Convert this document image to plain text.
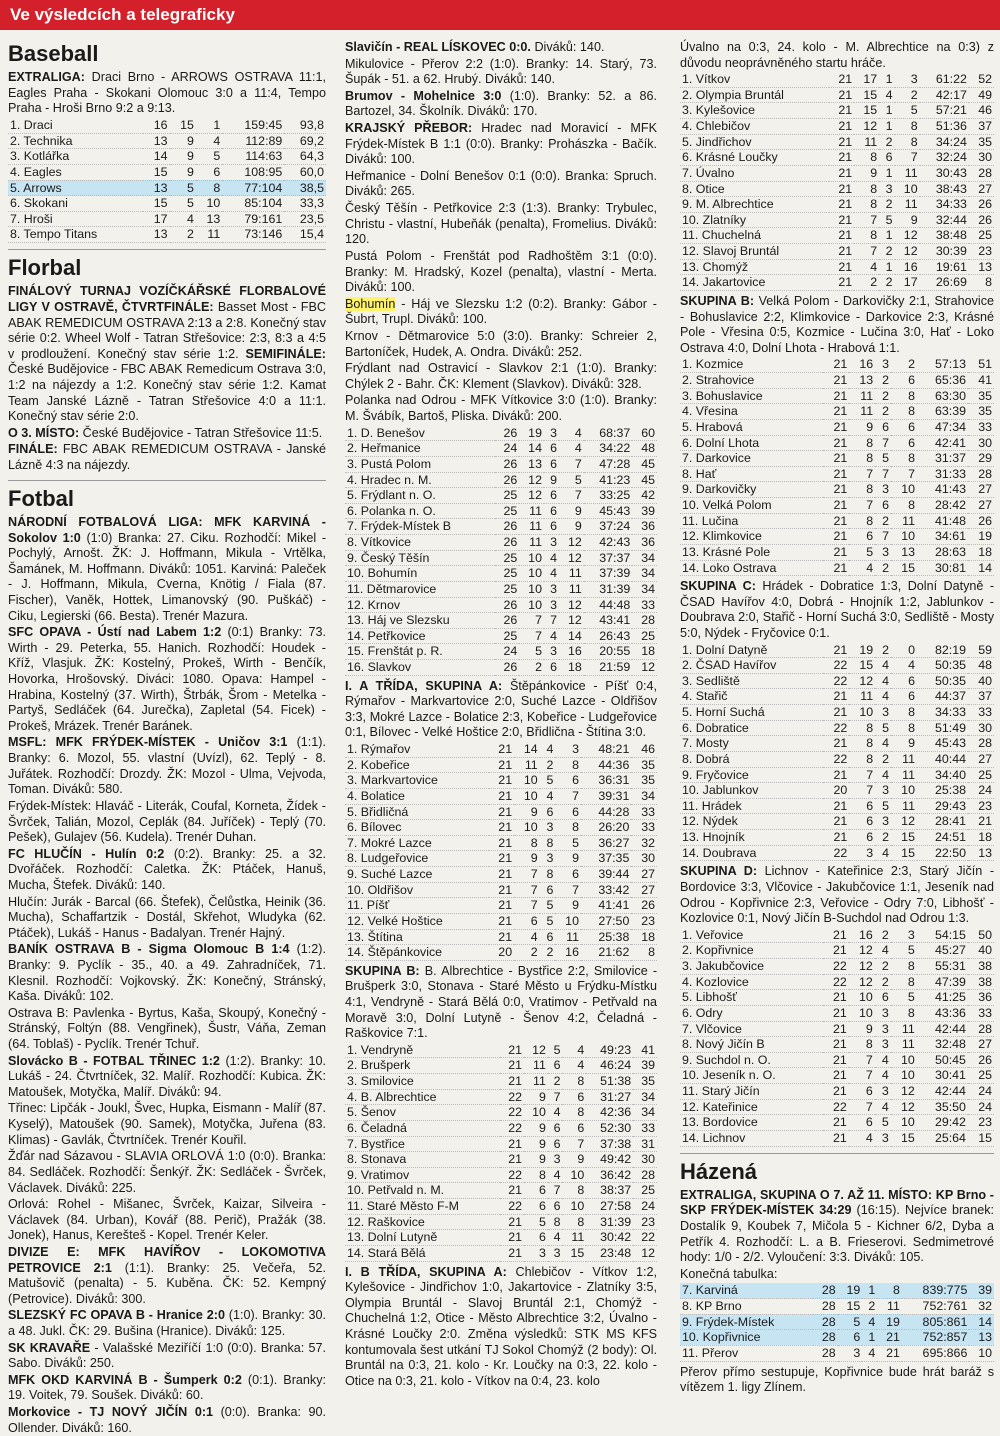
Ve výsledcích a telegraficky
Baseball

EXTRALIGA: Draci Brno - ARROWS OSTRAVA 11:1, Eagles Praha - Skokani Olomouc 3:0 a 11:4, Tempo Praha - Hroši Brno 9:2 a 9:13.

1. Draci	16	15	1	159:45	93,8
2. Technika	13	9	4	112:89	69,2
3. Kotlářka	14	9	5	114:63	64,3
4. Eagles	15	9	6	108:95	60,0
5. Arrows	13	5	8	77:104	38,5
6. Skokani	15	5	10	85:104	33,3
7. Hroši	17	4	13	79:161	23,5
8. Tempo Titans	13	2	11	73:146	15,4
Florbal

FINÁLOVÝ TURNAJ VOZÍČKÁŘSKÉ FLORBALOVÉ LIGY V OSTRAVĚ, ČTVRTFINÁLE: Basset Most - FBC ABAK REMEDICUM OSTRAVA 2:13 a 2:8. Konečný stav série 0:2. Wheel Wolf - Tatran Střešovice: 2:3, 8:3 a 4:5 v prodloužení. Konečný stav série 1:2. SEMIFINÁLE: České Budějovice - FBC ABAK Remedicum Ostrava 3:0, 1:2 na nájezdy a 1:2. Konečný stav série 1:2. Kamat Team Janské Lázně - Tatran Střešovice 4:0 a 11:1. Konečný stav série 2:0.

O 3. MÍSTO: České Budějovice - Tatran Střešovice 11:5.

FINÁLE: FBC ABAK REMEDICUM OSTRAVA - Janské Lázně 4:3 na nájezdy.

Fotbal

NÁRODNÍ FOTBALOVÁ LIGA: MFK KARVINÁ - Sokolov 1:0 (1:0) Branka: 27. Ciku. Rozhodčí: Mikel - Pochylý, Arnošt. ŽK: J. Hoffmann, Mikula - Vrtělka, Šamánek, M. Hoffmann. Diváků: 1051. Karviná: Paleček - J. Hoffmann, Mikula, Cverna, Knötig / Fiala (87. Fischer), Vaněk, Hottek, Limanovský (90. Puškáč) - Ciku, Legierski (66. Besta). Trenér Mazura.

SFC OPAVA - Ústí nad Labem 1:2 (0:1) Branky: 73. Wirth - 29. Peterka, 55. Hanich. Rozhodčí: Houdek - Kříž, Vlasjuk. ŽK: Kostelný, Prokeš, Wirth - Benčík, Hovorka, Hrošovský. Diváci: 1080. Opava: Hampel - Hrabina, Kostelný (37. Wirth), Štrbák, Šrom - Metelka - Partyš, Sedláček (64. Jurečka), Zapletal (54. Ficek) - Prokeš, Mrázek. Trenér Baránek.

MSFL: MFK FRÝDEK-MÍSTEK - Uničov 3:1 (1:1). Branky: 6. Mozol, 55. vlastní (Uvízl), 62. Teplý - 8. Juřátek. Rozhodčí: Drozdy. ŽK: Mozol - Ulma, Vejvoda, Toman. Diváků: 580.

Frýdek-Místek: Hlaváč - Literák, Coufal, Korneta, Žídek - Švrček, Talián, Mozol, Ceplák (84. Juříček) - Teplý (70. Pešek), Gulajev (56. Kudela). Trenér Duhan.

FC HLUČÍN - Hulín 0:2 (0:2). Branky: 25. a 32. Dvořáček. Rozhodčí: Caletka. ŽK: Ptáček, Hanuš, Mucha, Štefek. Diváků: 140.

Hlučín: Jurák - Barcal (66. Štefek), Čelůstka, Heinik (36. Mucha), Schaffartzik - Dostál, Skřehot, Wludyka (62. Ptáček), Lukáš - Hanus - Badalyan. Trenér Hajný.

BANÍK OSTRAVA B - Sigma Olomouc B 1:4 (1:2). Branky: 9. Pyclík - 35., 40. a 49. Zahradníček, 71. Klesnil. Rozhodčí: Vojkovský. ŽK: Konečný, Stránský, Kaša. Diváků: 102.

Ostrava B: Pavlenka - Byrtus, Kaša, Skoupý, Konečný - Stránský, Foltýn (88. Vengřinek), Šustr, Váňa, Zeman (64. Toblaš) - Pyclík. Trenér Tchuř.

Slovácko B - FOTBAL TŘINEC 1:2 (1:2). Branky: 10. Lukáš - 24. Čtvrtníček, 32. Malíř. Rozhodčí: Kubica. ŽK: Matoušek, Motyčka, Malíř. Diváků: 94.

Třinec: Lipčák - Joukl, Švec, Hupka, Eismann - Malíř (87. Kyselý), Matoušek (90. Samek), Motyčka, Juřena (83. Klimas) - Gavlák, Čtvrtníček. Trenér Kouřil.

Žďár nad Sázavou - SLAVIA ORLOVÁ 1:0 (0:0). Branka: 84. Sedláček. Rozhodčí: Šenkýř. ŽK: Sedláček - Švrček, Václavek. Diváků: 225.

Orlová: Rohel - Mišanec, Švrček, Kaizar, Silveira - Václavek (84. Urban), Kovář (88. Perič), Pražák (38. Jonek), Hanus, Kerešteš - Kopel. Trenér Keler.

DIVIZE E: MFK HAVÍŘOV - LOKOMOTIVA PETROVICE 2:1 (1:1). Branky: 25. Večeřa, 52. Matušovič (penalta) - 5. Kuběna. ČK: 52. Kempný (Petrovice). Diváků: 300.

SLEZSKÝ FC OPAVA B - Hranice 2:0 (1:0). Branky: 30. a 48. Jukl. ČK: 29. Bušina (Hranice). Diváků: 125.

SK KRAVAŘE - Valašské Meziříčí 1:0 (0:0). Branka: 57. Sabo. Diváků: 250.

MFK OKD KARVINÁ B - Šumperk 0:2 (0:1). Branky: 19. Voitek, 79. Soušek. Diváků: 60.

Morkovice - TJ NOVÝ JIČÍN 0:1 (0:0). Branka: 90. Ollender. Diváků: 160.

Slavičín - REAL LÍSKOVEC 0:0. Diváků: 140.

Mikulovice - Přerov 2:2 (1:0). Branky: 14. Starý, 73. Šupák - 51. a 62. Hrubý. Diváků: 140.

Brumov - Mohelnice 3:0 (1:0). Branky: 52. a 86. Bartozel, 34. Školník. Diváků: 170.

KRAJSKÝ PŘEBOR: Hradec nad Moravicí - MFK Frýdek-Místek B 1:1 (0:0). Branky: Prohászka - Bačík. Diváků: 100.

Heřmanice - Dolní Benešov 0:1 (0:0). Branka: Spruch. Diváků: 265.

Český Těšín - Petřkovice 2:3 (1:3). Branky: Trybulec, Christu - vlastní, Hubeňák (penalta), Fromelius. Diváků: 120.

Pustá Polom - Frenštát pod Radhoštěm 3:1 (0:0). Branky: M. Hradský, Kozel (penalta), vlastní - Merta. Diváků: 100.

Bohumín - Háj ve Slezsku 1:2 (0:2). Branky: Gábor - Šubrt, Trupl. Diváků: 100.

Krnov - Dětmarovice 5:0 (3:0). Branky: Schreier 2, Bartoníček, Hudek, A. Ondra. Diváků: 252.

Frýdlant nad Ostravicí - Slavkov 2:1 (1:0). Branky: Chýlek 2 - Bahr. ČK: Klement (Slavkov). Diváků: 328.

Polanka nad Odrou - MFK Vítkovice 3:0 (1:0). Branky: M. Švábík, Bartoš, Pliska. Diváků: 200.

1. D. Benešov	26	19	3	4	68:37	60
2. Heřmanice	24	14	6	4	34:22	48
3. Pustá Polom	26	13	6	7	47:28	45
4. Hradec n. M.	26	12	9	5	41:23	45
5. Frýdlant n. O.	25	12	6	7	33:25	42
6. Polanka n. O.	25	11	6	9	45:43	39
7. Frýdek-Místek B	26	11	6	9	37:24	36
8. Vítkovice	26	11	3	12	42:43	36
9. Český Těšín	25	10	4	12	37:37	34
10. Bohumín	25	10	4	11	37:39	34
11. Dětmarovice	25	10	3	11	31:39	34
12. Krnov	26	10	3	12	44:48	33
13. Háj ve Slezsku	26	7	7	12	43:41	28
14. Petřkovice	25	7	4	14	26:43	25
15. Frenštát p. R.	24	5	3	16	20:55	18
16. Slavkov	26	2	6	18	21:59	12

I. A TŘÍDA, SKUPINA A: Štěpánkovice - Píšť 0:4, Rýmařov - Markvartovice 2:0, Suché Lazce - Oldřišov 3:3, Mokré Lazce - Bolatice 2:3, Kobeřice - Ludgeřovice 0:1, Bílovec - Velké Hoštice 2:0, Břidlična - Štítina 3:0.

1. Rýmařov	21	14	4	3	48:21	46
2. Kobeřice	21	11	2	8	44:36	35
3. Markvartovice	21	10	5	6	36:31	35
4. Bolatice	21	10	4	7	39:31	34
5. Břidličná	21	9	6	6	44:28	33
6. Bílovec	21	10	3	8	26:20	33
7. Mokré Lazce	21	8	8	5	36:27	32
8. Ludgeřovice	21	9	3	9	37:35	30
9. Suché Lazce	21	7	8	6	39:44	27
10. Oldřišov	21	7	6	7	33:42	27
11. Píšť	21	7	5	9	41:41	26
12. Velké Hoštice	21	6	5	10	27:50	23
13. Štítina	21	4	6	11	25:38	18
14. Štěpánkovice	20	2	2	16	21:62	8

SKUPINA B: B. Albrechtice - Bystřice 2:2, Smilovice - Brušperk 3:0, Stonava - Staré Město u Frýdku-Místku 4:1, Vendryně - Stará Bělá 0:0, Vratimov - Petřvald na Moravě 3:0, Dolní Lutyně - Šenov 4:2, Čeladná - Raškovice 7:1.

1. Vendryně	21	12	5	4	49:23	41
2. Brušperk	21	11	6	4	46:24	39
3. Smilovice	21	11	2	8	51:38	35
4. B. Albrechtice	22	9	7	6	31:27	34
5. Šenov	22	10	4	8	42:36	34
6. Čeladná	22	9	6	6	52:30	33
7. Bystřice	21	9	6	7	37:38	31
8. Stonava	21	9	3	9	49:42	30
9. Vratimov	22	8	4	10	36:42	28
10. Petřvald n. M.	21	6	7	8	38:37	25
11. Staré Město F-M	22	6	6	10	27:58	24
12. Raškovice	21	5	8	8	31:39	23
13. Dolní Lutyně	21	6	4	11	30:42	22
14. Stará Bělá	21	3	3	15	23:48	12

I. B TŘÍDA, SKUPINA A: Chlebičov - Vítkov 1:2, Kylešovice - Jindřichov 1:0, Jakartovice - Zlatníky 3:5, Olympia Bruntál - Slavoj Bruntál 2:1, Chomýž - Chuchelná 1:2, Otice - Město Albrechtice 3:2, Úvalno - Krásné Loučky 2:0. Změna výsledků: STK MS KFS kontumovala šest utkání TJ Sokol Chomýž (2 body): Ol. Bruntál na 0:3, 21. kolo - Kr. Loučky na 0:3, 22. kolo - Otice na 0:3, 21. kolo - Vítkov na 0:4, 23. kolo

Úvalno na 0:3, 24. kolo - M. Albrechtice na 0:3) z důvodu neoprávněného startu hráče.

1. Vítkov	21	17	1	3	61:22	52
2. Olympia Bruntál	21	15	4	2	42:17	49
3. Kylešovice	21	15	1	5	57:21	46
4. Chlebičov	21	12	1	8	51:36	37
5. Jindřichov	21	11	2	8	34:24	35
6. Krásné Loučky	21	8	6	7	32:24	30
7. Úvalno	21	9	1	11	30:43	28
8. Otice	21	8	3	10	38:43	27
9. M. Albrechtice	21	8	2	11	34:33	26
10. Zlatníky	21	7	5	9	32:44	26
11. Chuchelná	21	8	1	12	38:48	25
12. Slavoj Bruntál	21	7	2	12	30:39	23
13. Chomýž	21	4	1	16	19:61	13
14. Jakartovice	21	2	2	17	26:69	8

SKUPINA B: Velká Polom - Darkovičky 2:1, Strahovice - Bohuslavice 2:2, Klimkovice - Darkovice 2:3, Krásné Pole - Vřesina 0:5, Kozmice - Lučina 3:0, Hať - Loko Ostrava 4:0, Dolní Lhota - Hrabová 1:1.

1. Kozmice	21	16	3	2	57:13	51
2. Strahovice	21	13	2	6	65:36	41
3. Bohuslavice	21	11	2	8	63:30	35
4. Vřesina	21	11	2	8	63:39	35
5. Hrabová	21	9	6	6	47:34	33
6. Dolní Lhota	21	8	7	6	42:41	30
7. Darkovice	21	8	5	8	31:37	29
8. Hať	21	7	7	7	31:33	28
9. Darkovičky	21	8	3	10	41:43	27
10. Velká Polom	21	7	6	8	28:42	27
11. Lučina	21	8	2	11	41:48	26
12. Klimkovice	21	6	7	10	34:61	19
13. Krásné Pole	21	5	3	13	28:63	18
14. Loko Ostrava	21	4	2	15	30:81	14

SKUPINA C: Hrádek - Dobratice 1:3, Dolní Datyně - ČSAD Havířov 4:0, Dobrá - Hnojník 1:2, Jablunkov - Doubrava 2:0, Stařič - Horní Suchá 3:0, Sedliště - Mosty 5:0, Nýdek - Fryčovice 0:1.

1. Dolní Datyně	21	19	2	0	82:19	59
2. ČSAD Havířov	22	15	4	4	50:35	48
3. Sedliště	22	12	4	6	50:35	40
4. Stařič	21	11	4	6	44:37	37
5. Horní Suchá	21	10	3	8	34:33	33
6. Dobratice	22	8	5	8	51:49	30
7. Mosty	21	8	4	9	45:43	28
8. Dobrá	22	8	2	11	40:44	27
9. Fryčovice	21	7	4	11	34:40	25
10. Jablunkov	20	7	3	10	25:38	24
11. Hrádek	21	6	5	11	29:43	23
12. Nýdek	21	6	3	12	28:41	21
13. Hnojník	21	6	2	15	24:51	18
14. Doubrava	22	3	4	15	22:50	13

SKUPINA D: Lichnov - Kateřinice 2:3, Starý Jičín - Bordovice 3:3, Vlčovice - Jakubčovice 1:1, Jeseník nad Odrou - Kopřivnice 2:3, Veřovice - Odry 7:0, Libhošť - Kozlovice 0:1, Nový Jičín B-Suchdol nad Odrou 1:3.

1. Veřovice	21	16	2	3	54:15	50
2. Kopřivnice	21	12	4	5	45:27	40
3. Jakubčovice	22	12	2	8	55:31	38
4. Kozlovice	22	12	2	8	47:39	38
5. Libhošť	21	10	6	5	41:25	36
6. Odry	21	10	3	8	43:36	33
7. Vlčovice	21	9	3	11	42:44	28
8. Nový Jičín B	21	8	3	11	32:48	27
9. Suchdol n. O.	21	7	4	10	50:45	26
10. Jeseník n. O.	21	7	4	10	30:41	25
11. Starý Jičín	21	6	3	12	42:44	24
12. Kateřinice	22	7	4	12	35:50	24
13. Bordovice	21	6	5	10	29:42	23
14. Lichnov	21	4	3	15	25:64	15
Házená

EXTRALIGA, SKUPINA O 7. AŽ 11. MÍSTO: KP Brno - SKP FRÝDEK-MÍSTEK 34:29 (16:15). Nejvíce branek: Dostalík 9, Koubek 7, Mičola 5 - Kichner 6/2, Dyba a Petřík 4. Rozhodčí: L. a B. Frieserovi. Sedmimetrové hody: 1/0 - 2/2. Vyloučení: 3:3. Diváků: 105.

Konečná tabulka:

7. Karviná	28	19	1	8	839:775	39
8. KP Brno	28	15	2	11	752:761	32
9. Frýdek-Místek	28	5	4	19	805:861	14
10. Kopřivnice	28	6	1	21	752:857	13
11. Přerov	28	3	4	21	695:866	10

Přerov přímo sestupuje, Kopřivnice bude hrát baráž s vítězem 1. ligy Zlínem.
